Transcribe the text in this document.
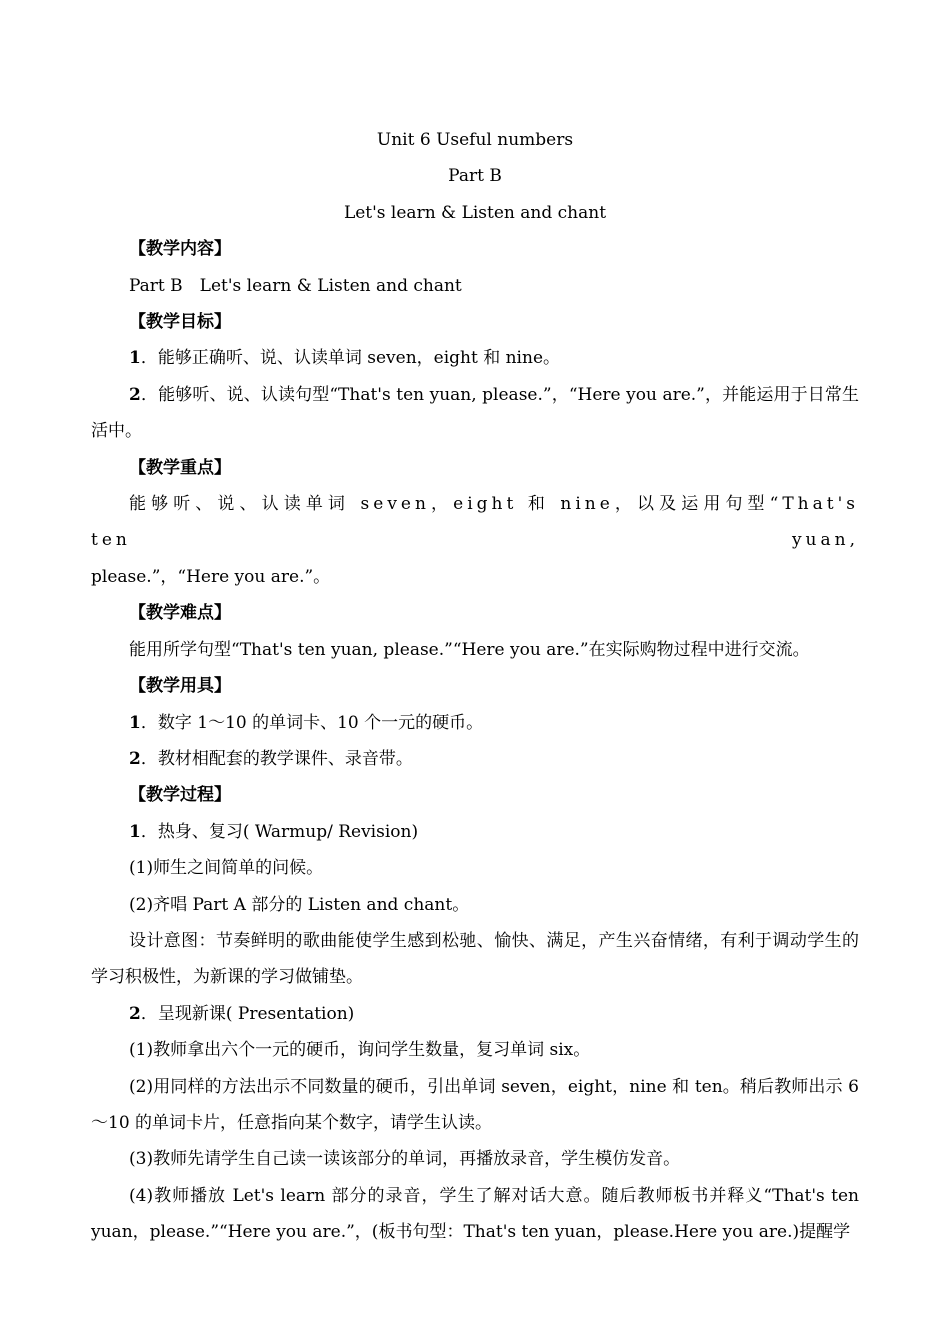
Unit 6 Useful numbers

Part B

Let's learn & Listen and chant

【教学内容】

Part B　Let's learn & Listen and chant

【教学目标】

1．能够正确听、说、认读单词 seven，eight 和 nine。

2．能够听、说、认读句型“That's ten yuan, please.”，“Here you are.”，并能运用于日常生活中。

【教学重点】

能够听、说、认读单词 seven，eight 和 nine，以及运用句型“That's ten yuan,

please.”，“Here you are.”。

【教学难点】

能用所学句型“That's ten yuan, please.”“Here you are.”在实际购物过程中进行交流。

【教学用具】

1．数字 1～10 的单词卡、10 个一元的硬币。

2．教材相配套的教学课件、录音带。

【教学过程】

1．热身、复习( Warmup/ Revision)

(1)师生之间简单的问候。

(2)齐唱 Part A 部分的 Listen and chant。

设计意图：节奏鲜明的歌曲能使学生感到松驰、愉快、满足，产生兴奋情绪，有利于调动学生的学习积极性，为新课的学习做铺垫。

2．呈现新课( Presentation)

(1)教师拿出六个一元的硬币，询问学生数量，复习单词 six。

(2)用同样的方法出示不同数量的硬币，引出单词 seven，eight，nine 和 ten。稍后教师出示 6～10 的单词卡片，任意指向某个数字，请学生认读。

(3)教师先请学生自己读一读该部分的单词，再播放录音，学生模仿发音。

(4)教师播放 Let's learn 部分的录音，学生了解对话大意。随后教师板书并释义“That's ten yuan，please.”“Here you are.”，(板书句型：That's ten yuan，please.Here you are.)提醒学
